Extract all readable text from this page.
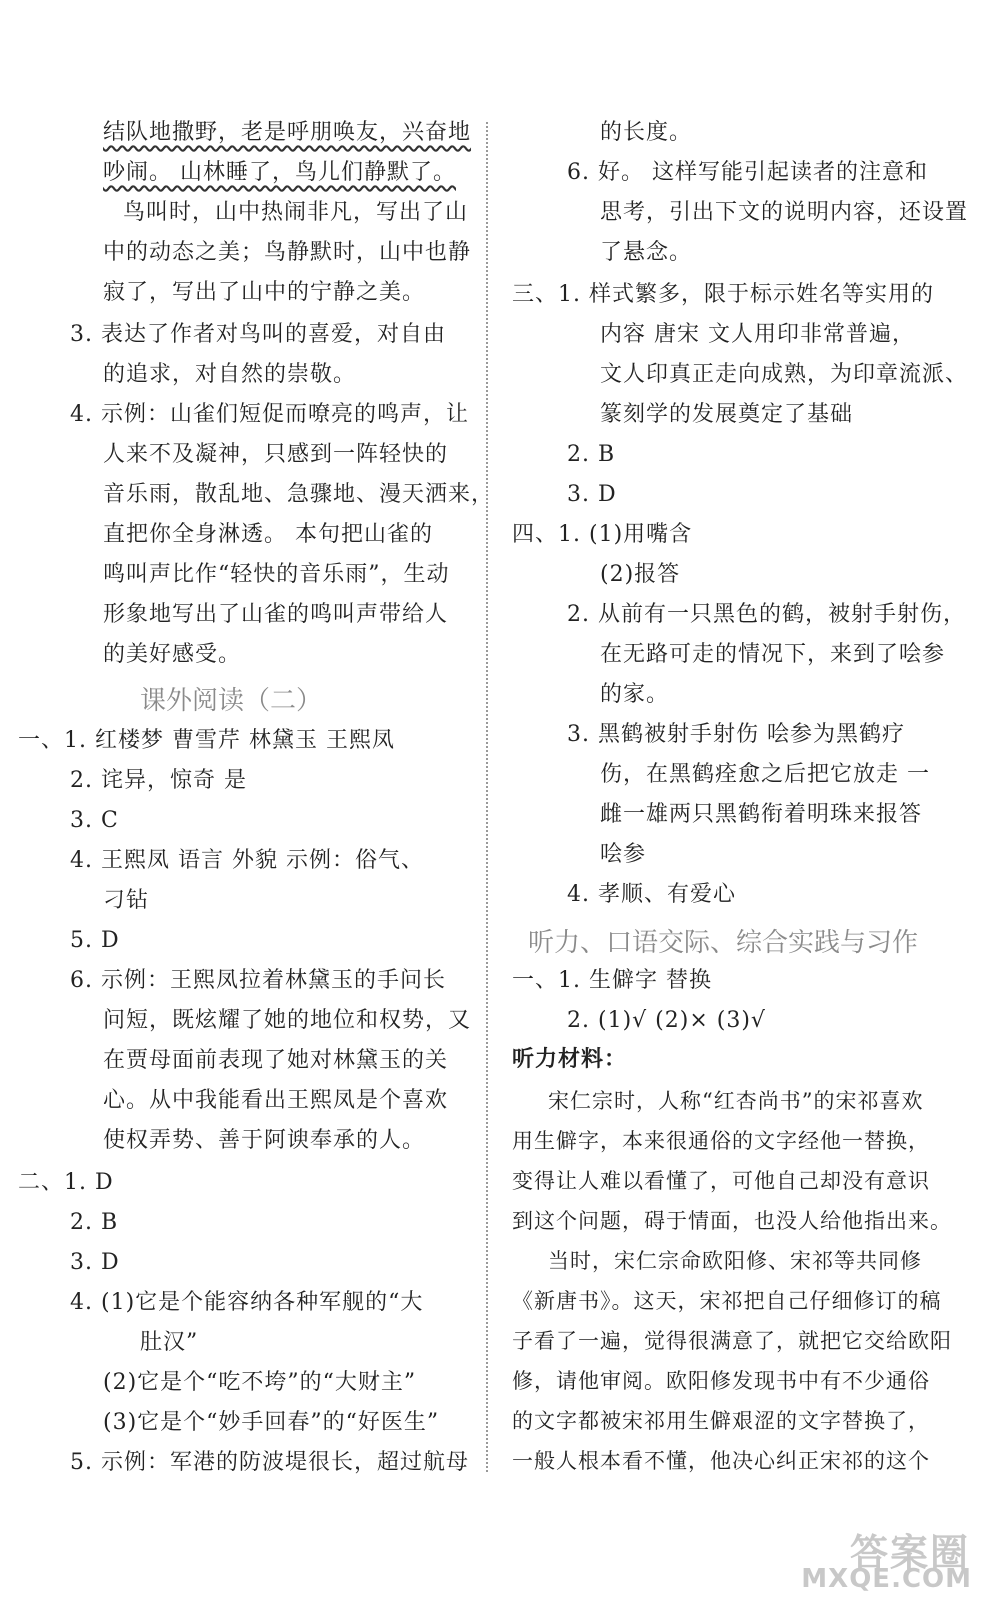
结队地撒野，老是呼朋唤友，兴奋地
吵闹。 山林睡了，鸟儿们静默了。
鸟叫时，山中热闹非凡，写出了山
中的动态之美；鸟静默时，山中也静
寂了，写出了山中的宁静之美。
3. 表达了作者对鸟叫的喜爱，对自由
的追求，对自然的崇敬。
4. 示例：山雀们短促而嘹亮的鸣声，让
人来不及凝神，只感到一阵轻快的
音乐雨，散乱地、急骤地、漫天洒来，
直把你全身淋透。 本句把山雀的
鸣叫声比作“轻快的音乐雨”，生动
形象地写出了山雀的鸣叫声带给人
的美好感受。
课外阅读（二）
一、1. 红楼梦 曹雪芹 林黛玉 王熙凤
2. 诧异，惊奇 是
3. C
4. 王熙凤 语言 外貌 示例：俗气、
刁钻
5. D
6. 示例：王熙凤拉着林黛玉的手问长
问短，既炫耀了她的地位和权势，又
在贾母面前表现了她对林黛玉的关
心。从中我能看出王熙凤是个喜欢
使权弄势、善于阿谀奉承的人。
二、1. D
2. B
3. D
4. (1)它是个能容纳各种军舰的“大
肚汉”
(2)它是个“吃不垮”的“大财主”
(3)它是个“妙手回春”的“好医生”
5. 示例：军港的防波堤很长，超过航母
的长度。
6. 好。 这样写能引起读者的注意和
思考，引出下文的说明内容，还设置
了悬念。
三、1. 样式繁多，限于标示姓名等实用的
内容 唐宋 文人用印非常普遍，
文人印真正走向成熟，为印章流派、
篆刻学的发展奠定了基础
2. B
3. D
四、1. (1)用嘴含
(2)报答
2. 从前有一只黑色的鹤，被射手射伤，
在无路可走的情况下，来到了哙参
的家。
3. 黑鹤被射手射伤 哙参为黑鹤疗
伤，在黑鹤痊愈之后把它放走 一
雌一雄两只黑鹤衔着明珠来报答
哙参
4. 孝顺、有爱心
听力、口语交际、综合实践与习作
一、1. 生僻字 替换
2. (1)√ (2)× (3)√
听力材料：
宋仁宗时，人称“红杏尚书”的宋祁喜欢
用生僻字，本来很通俗的文字经他一替换，
变得让人难以看懂了，可他自己却没有意识
到这个问题，碍于情面，也没人给他指出来。
当时，宋仁宗命欧阳修、宋祁等共同修
《新唐书》。这天，宋祁把自己仔细修订的稿
子看了一遍，觉得很满意了，就把它交给欧阳
修，请他审阅。欧阳修发现书中有不少通俗
的文字都被宋祁用生僻艰涩的文字替换了，
一般人根本看不懂，他决心纠正宋祁的这个
答案圈
MXQE.COM
